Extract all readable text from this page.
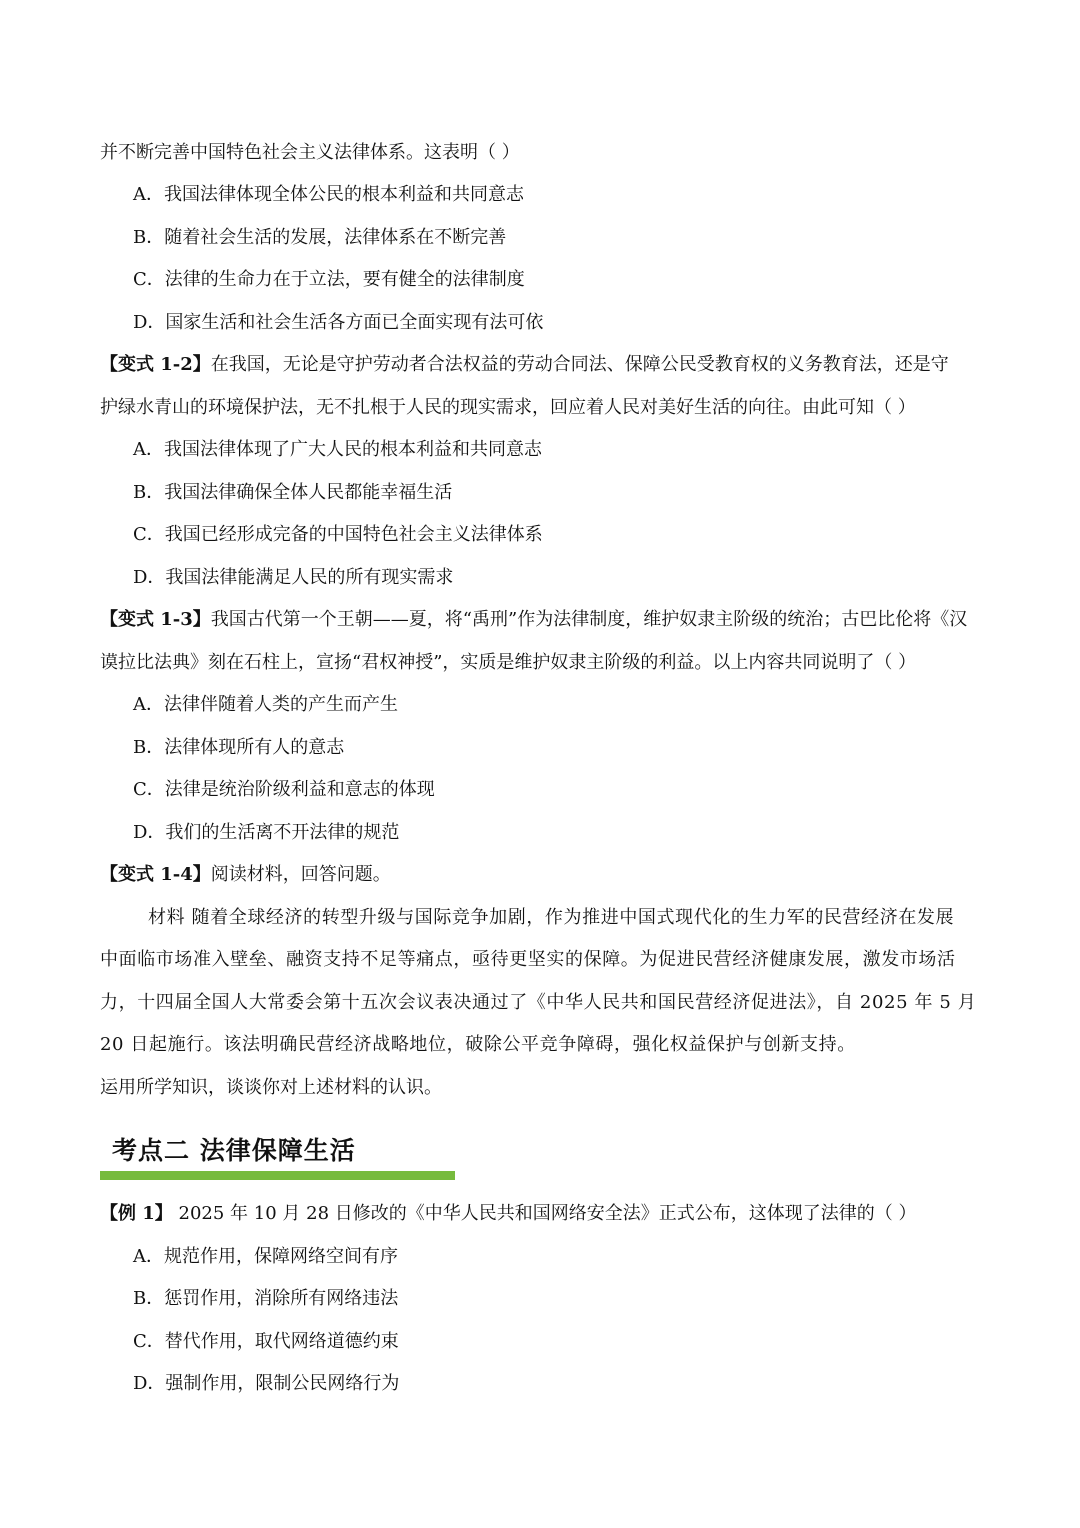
并不断完善中国特色社会主义法律体系。这表明（ ）
A．我国法律体现全体公民的根本利益和共同意志
B．随着社会生活的发展，法律体系在不断完善
C．法律的生命力在于立法，要有健全的法律制度
D．国家生活和社会生活各方面已全面实现有法可依
【变式 1-2】在我国，无论是守护劳动者合法权益的劳动合同法、保障公民受教育权的义务教育法，还是守
护绿水青山的环境保护法，无不扎根于人民的现实需求，回应着人民对美好生活的向往。由此可知（ ）
A．我国法律体现了广大人民的根本利益和共同意志
B．我国法律确保全体人民都能幸福生活
C．我国已经形成完备的中国特色社会主义法律体系
D．我国法律能满足人民的所有现实需求
【变式 1-3】我国古代第一个王朝——夏，将“禹刑”作为法律制度，维护奴隶主阶级的统治；古巴比伦将《汉
谟拉比法典》刻在石柱上，宣扬“君权神授”，实质是维护奴隶主阶级的利益。以上内容共同说明了（ ）
A．法律伴随着人类的产生而产生
B．法律体现所有人的意志
C．法律是统治阶级利益和意志的体现
D．我们的生活离不开法律的规范
【变式 1-4】阅读材料，回答问题。
材料 随着全球经济的转型升级与国际竞争加剧，作为推进中国式现代化的生力军的民营经济在发展
中面临市场准入壁垒、融资支持不足等痛点，亟待更坚实的保障。为促进民营经济健康发展，激发市场活
力，十四届全国人大常委会第十五次会议表决通过了《中华人民共和国民营经济促进法》，自 2025 年 5 月
20 日起施行。该法明确民营经济战略地位，破除公平竞争障碍，强化权益保护与创新支持。
运用所学知识，谈谈你对上述材料的认识。
考点二 法律保障生活
【例 1】 2025 年 10 月 28 日修改的《中华人民共和国网络安全法》正式公布，这体现了法律的（ ）
A．规范作用，保障网络空间有序
B．惩罚作用，消除所有网络违法
C．替代作用，取代网络道德约束
D．强制作用，限制公民网络行为
